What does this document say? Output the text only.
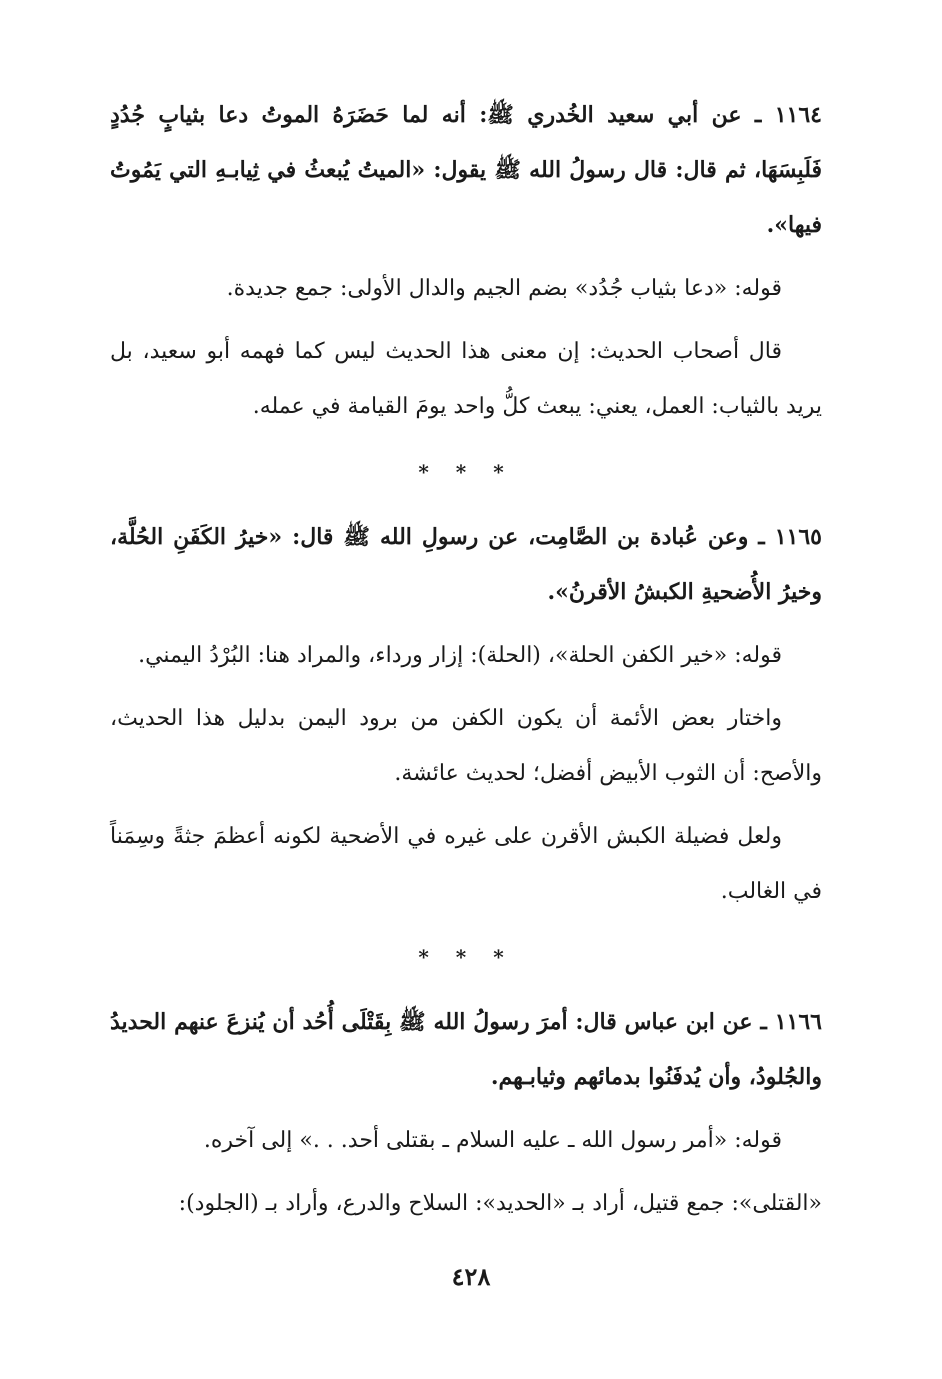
١١٦٤ ـ عن أبي سعيد الخُدري ﷺ: أنه لما حَضَرَهُ الموتُ دعا بثيابٍ جُدُدٍ فَلَبِسَهَا، ثم قال: قال رسولُ الله ﷺ يقول: «الميتُ يُبعثُ في ثِيابـهِ التي يَمُوتُ فيها».

قوله: «دعا بثياب جُدُد» بضم الجيم والدال الأولى: جمع جديدة.

قال أصحاب الحديث: إن معنى هذا الحديث ليس كما فهمه أبو سعيد، بل يريد بالثياب: العمل، يعني: يبعث كلُّ واحد يومَ القيامة في عمله.

* * *

١١٦٥ ـ وعن عُبادة بن الصَّامِت، عن رسولِ الله ﷺ قال: «خيرُ الكَفَنِ الحُلَّة، وخيرُ الأُضحيةِ الكبشُ الأقرنُ».

قوله: «خير الكفن الحلة»، (الحلة): إزار ورداء، والمراد هنا: البُرْدُ اليمني.

واختار بعض الأئمة أن يكون الكفن من برود اليمن بدليل هذا الحديث، والأصح: أن الثوب الأبيض أفضل؛ لحديث عائشة.

ولعل فضيلة الكبش الأقرن على غيره في الأضحية لكونه أعظمَ جثةً وسِمَناً في الغالب.

* * *

١١٦٦ ـ عن ابن عباس قال: أمرَ رسولُ الله ﷺ بِقَتْلَى أُحُد أن يُنزعَ عنهم الحديدُ والجُلودُ، وأن يُدفَنُوا بدمائهم وثيابـهم.

قوله: «أمر رسول الله ـ عليه السلام ـ بقتلى أحد. . .» إلى آخره.

«القتلى»: جمع قتيل، أراد بـ «الحديد»: السلاح والدرع، وأراد بـ (الجلود):

٤٢٨
